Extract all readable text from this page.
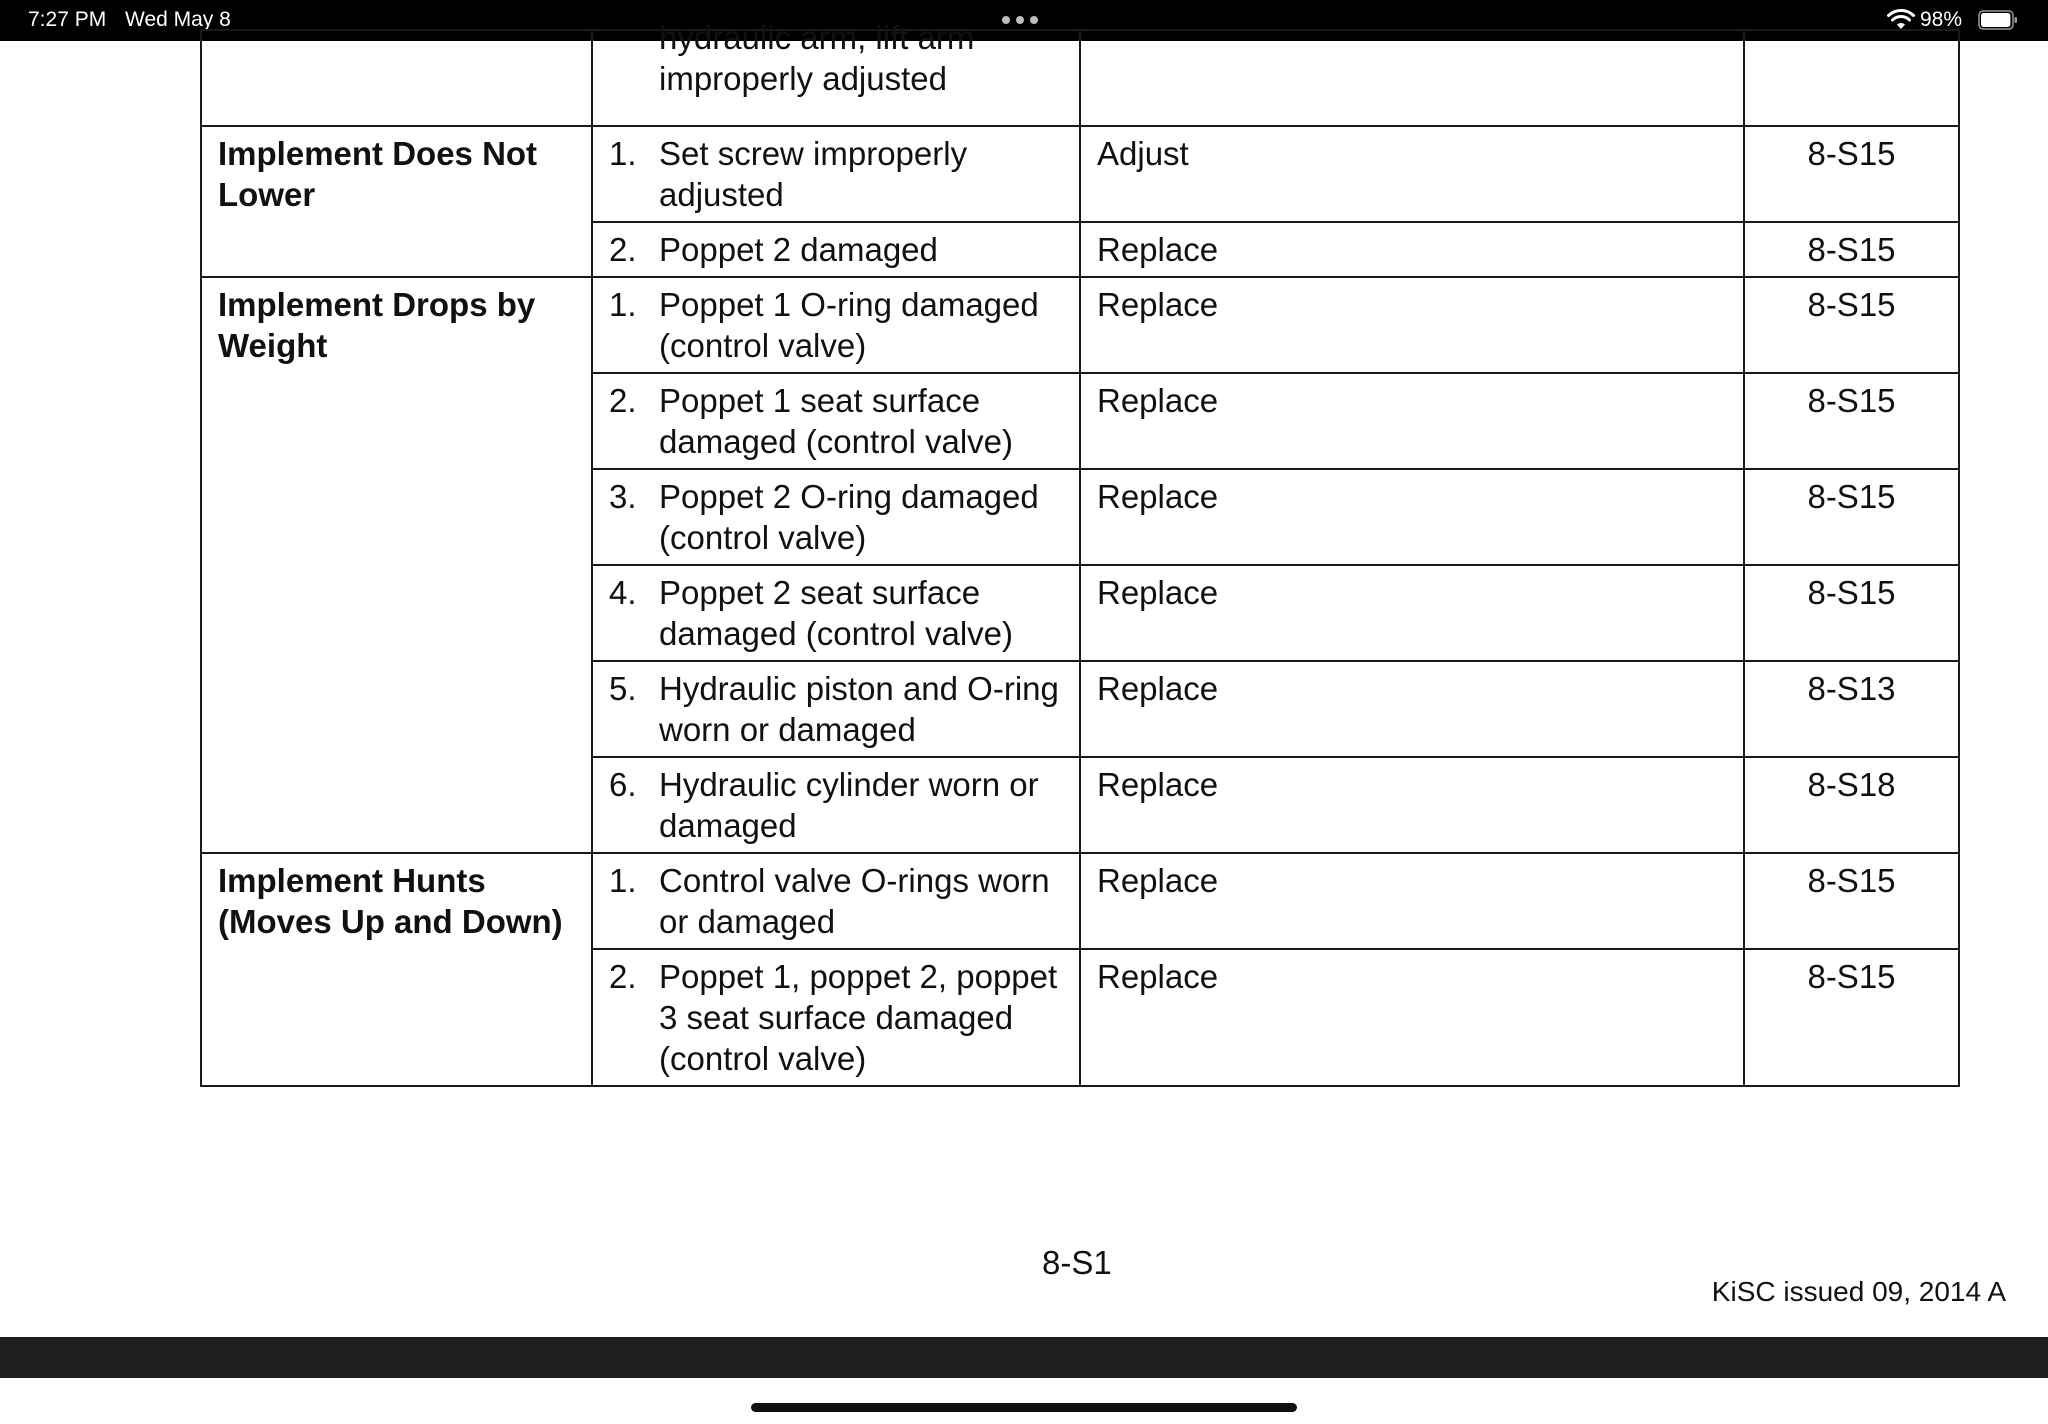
7:27 PM Wed May 8	98%

	hydraulic arm, lift arm
improperly adjusted		

Implement Does Not Lower	1. Set screw improperly adjusted	Adjust	8-S15

	2. Poppet 2 damaged	Replace	8-S15
Implement Drops by Weight	1. Poppet 1 O-ring damaged (control valve)	Replace	8-S15

	2. Poppet 1 seat surface damaged (control valve)	Replace	8-S15

	3. Poppet 2 O-ring damaged (control valve)	Replace	8-S15

	4. Poppet 2 seat surface damaged (control valve)	Replace	8-S15

	5. Hydraulic piston and O-ring worn or damaged	Replace	8-S13

	6. Hydraulic cylinder worn or damaged	Replace	8-S18
Implement Hunts (Moves Up and Down)	1. Control valve O-rings worn or damaged	Replace	8-S15

	2. Poppet 1, poppet 2, poppet 3 seat surface damaged (control valve)	Replace	8-S15
8-S1
KiSC issued 09, 2014 A
